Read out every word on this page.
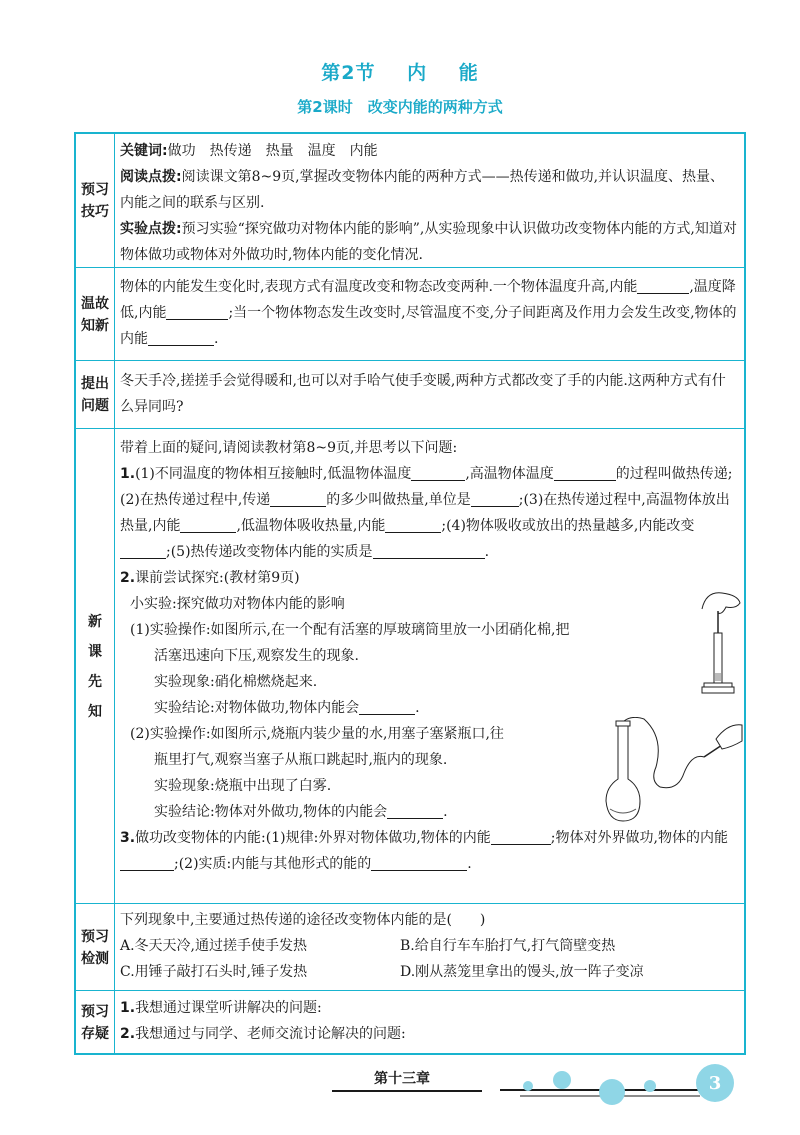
第2节 内 能
第2课时　改变内能的两种方式
预习技巧

关键词:做功　热传递　热量　温度　内能

阅读点拨:阅读课文第8~9页,掌握改变物体内能的两种方式——热传递和做功,并认识温度、热量、内能之间的联系与区别.

实验点拨:预习实验“探究做功对物体内能的影响”,从实验现象中认识做功改变物体内能的方式,知道对物体做功或物体对外做功时,物体内能的变化情况.

温故知新

物体的内能发生变化时,表现方式有温度改变和物态改变两种.一个物体温度升高,内能	,温度降低,内能	;当一个物体物态发生改变时,尽管温度不变,分子间距离及作用力会发生改变,物体的内能	.

提出问题

冬天手冷,搓搓手会觉得暖和,也可以对手哈气使手变暖,两种方式都改变了手的内能.这两种方式有什么异同吗?

新课先知

带着上面的疑问,请阅读教材第8~9页,并思考以下问题:

1.(1)不同温度的物体相互接触时,低温物体温度	,高温物体温度	的过程叫做热传递;(2)在热传递过程中,传递	的多少叫做热量,单位是	;(3)在热传递过程中,高温物体放出热量,内能	,低温物体吸收热量,内能	;(4)物体吸收或放出的热量越多,内能改变;(5)热传递改变物体内能的实质是	.

2.课前尝试探究:(教材第9页)

小实验:探究做功对物体内能的影响

(1)实验操作:如图所示,在一个配有活塞的厚玻璃筒里放一小团硝化棉,把

活塞迅速向下压,观察发生的现象.

实验现象:硝化棉燃烧起来.

实验结论:对物体做功,物体内能会	.

(2)实验操作:如图所示,烧瓶内装少量的水,用塞子塞紧瓶口,往

瓶里打气,观察当塞子从瓶口跳起时,瓶内的现象.

实验现象:烧瓶中出现了白雾.

实验结论:物体对外做功,物体的内能会	.

3.做功改变物体的内能:(1)规律:外界对物体做功,物体的内能	;物体对外界做功,物体的内能;(2)实质:内能与其他形式的能的	.

预习检测

下列现象中,主要通过热传递的途径改变物体内能的是(　　)

A.冬天天冷,通过搓手使手发热	B.给自行车车胎打气,打气筒壁变热
C.用锤子敲打石头时,锤子发热	D.刚从蒸笼里拿出的馒头,放一阵子变凉
预习存疑

1.我想通过课堂听讲解决的问题:

2.我想通过与同学、老师交流讨论解决的问题:

第十三章	3
